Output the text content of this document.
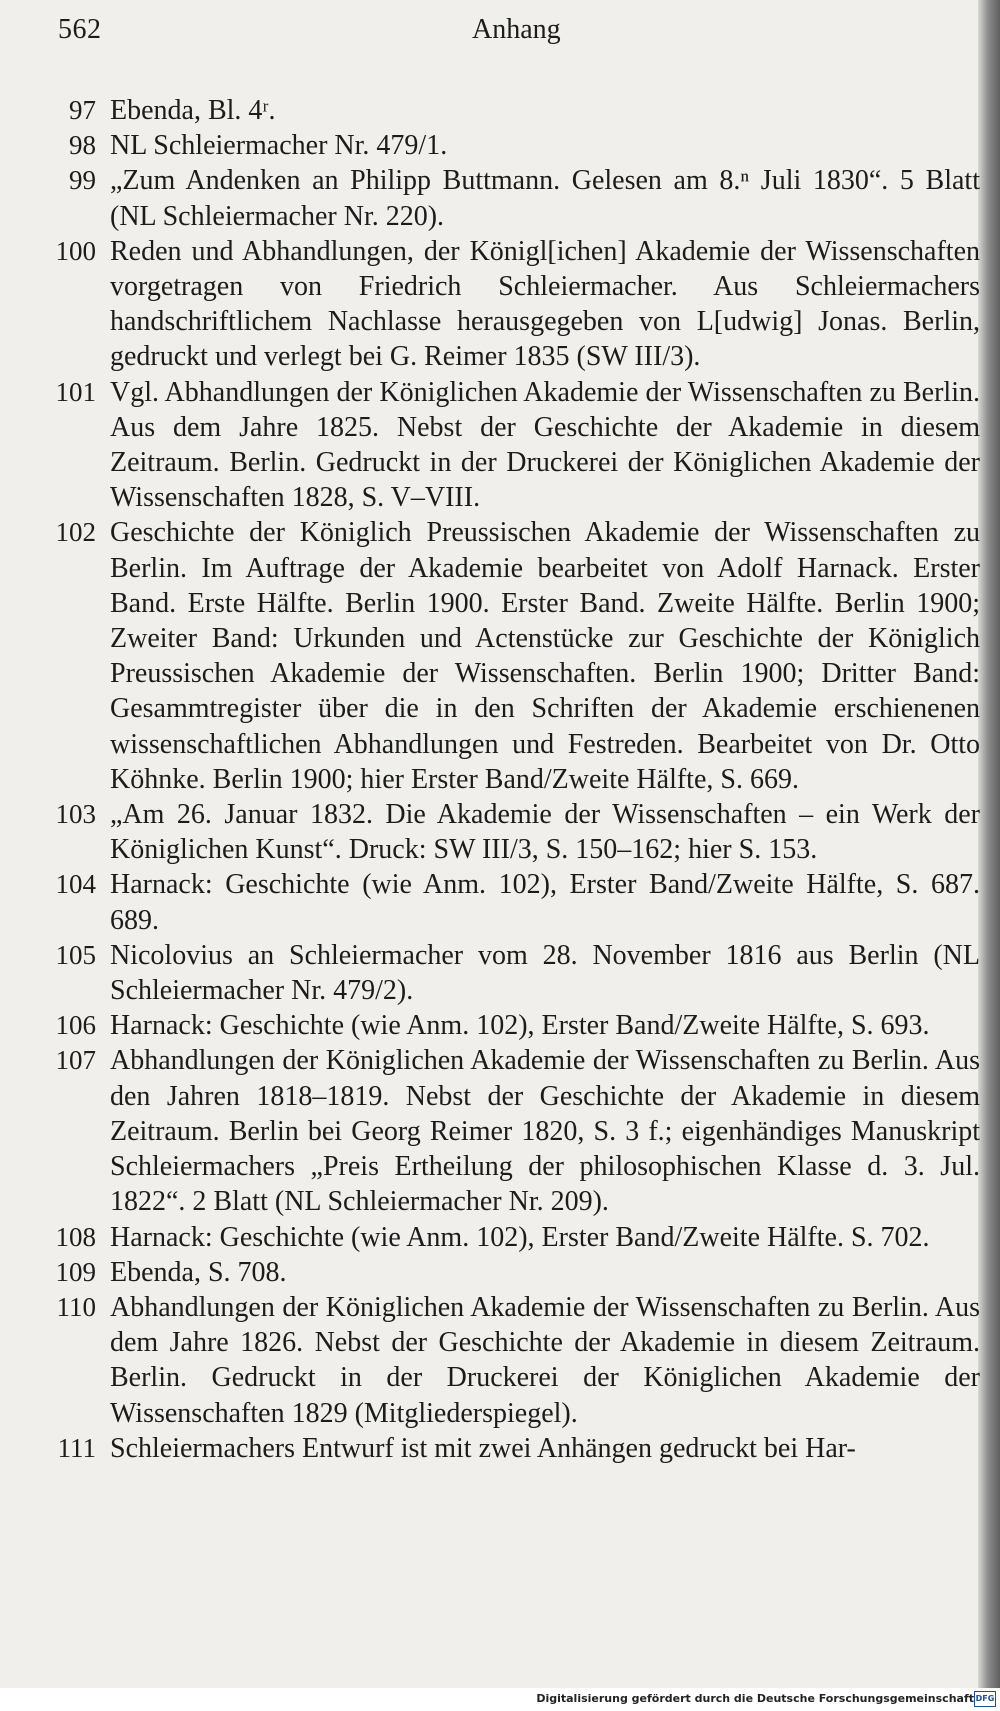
562	Anhang
97 Ebenda, Bl. 4ʳ.
98 NL Schleiermacher Nr. 479/1.
99 „Zum Andenken an Philipp Buttmann. Gelesen am 8.ⁿ Juli 1830“. 5 Blatt (NL Schleiermacher Nr. 220).
100 Reden und Abhandlungen, der Königl[ichen] Akademie der Wissenschaften vorgetragen von Friedrich Schleiermacher. Aus Schleiermachers handschriftlichem Nachlasse herausgegeben von L[udwig] Jonas. Berlin, gedruckt und verlegt bei G. Reimer 1835 (SW III/3).
101 Vgl. Abhandlungen der Königlichen Akademie der Wissenschaften zu Berlin. Aus dem Jahre 1825. Nebst der Geschichte der Akademie in diesem Zeitraum. Berlin. Gedruckt in der Druckerei der Königlichen Akademie der Wissenschaften 1828, S. V–VIII.
102 Geschichte der Königlich Preussischen Akademie der Wissenschaften zu Berlin. Im Auftrage der Akademie bearbeitet von Adolf Harnack. Erster Band. Erste Hälfte. Berlin 1900. Erster Band. Zweite Hälfte. Berlin 1900; Zweiter Band: Urkunden und Actenstücke zur Geschichte der Königlich Preussischen Akademie der Wissenschaften. Berlin 1900; Dritter Band: Gesammtregister über die in den Schriften der Akademie erschienenen wissenschaftlichen Abhandlungen und Festreden. Bearbeitet von Dr. Otto Köhnke. Berlin 1900; hier Erster Band/Zweite Hälfte, S. 669.
103 „Am 26. Januar 1832. Die Akademie der Wissenschaften – ein Werk der Königlichen Kunst“. Druck: SW III/3, S. 150–162; hier S. 153.
104 Harnack: Geschichte (wie Anm. 102), Erster Band/Zweite Hälfte, S. 687. 689.
105 Nicolovius an Schleiermacher vom 28. November 1816 aus Berlin (NL Schleiermacher Nr. 479/2).
106 Harnack: Geschichte (wie Anm. 102), Erster Band/Zweite Hälfte, S. 693.
107 Abhandlungen der Königlichen Akademie der Wissenschaften zu Berlin. Aus den Jahren 1818–1819. Nebst der Geschichte der Akademie in diesem Zeitraum. Berlin bei Georg Reimer 1820, S. 3 f.; eigenhändiges Manuskript Schleiermachers „Preis Ertheilung der philosophischen Klasse d. 3. Jul. 1822“. 2 Blatt (NL Schleiermacher Nr. 209).
108 Harnack: Geschichte (wie Anm. 102), Erster Band/Zweite Hälfte. S. 702.
109 Ebenda, S. 708.
110 Abhandlungen der Königlichen Akademie der Wissenschaften zu Berlin. Aus dem Jahre 1826. Nebst der Geschichte der Akademie in diesem Zeitraum. Berlin. Gedruckt in der Druckerei der Königlichen Akademie der Wissenschaften 1829 (Mitgliederspiegel).
111 Schleiermachers Entwurf ist mit zwei Anhängen gedruckt bei Har-
Digitalisierung gefördert durch die Deutsche Forschungsgemeinschaft DFG
